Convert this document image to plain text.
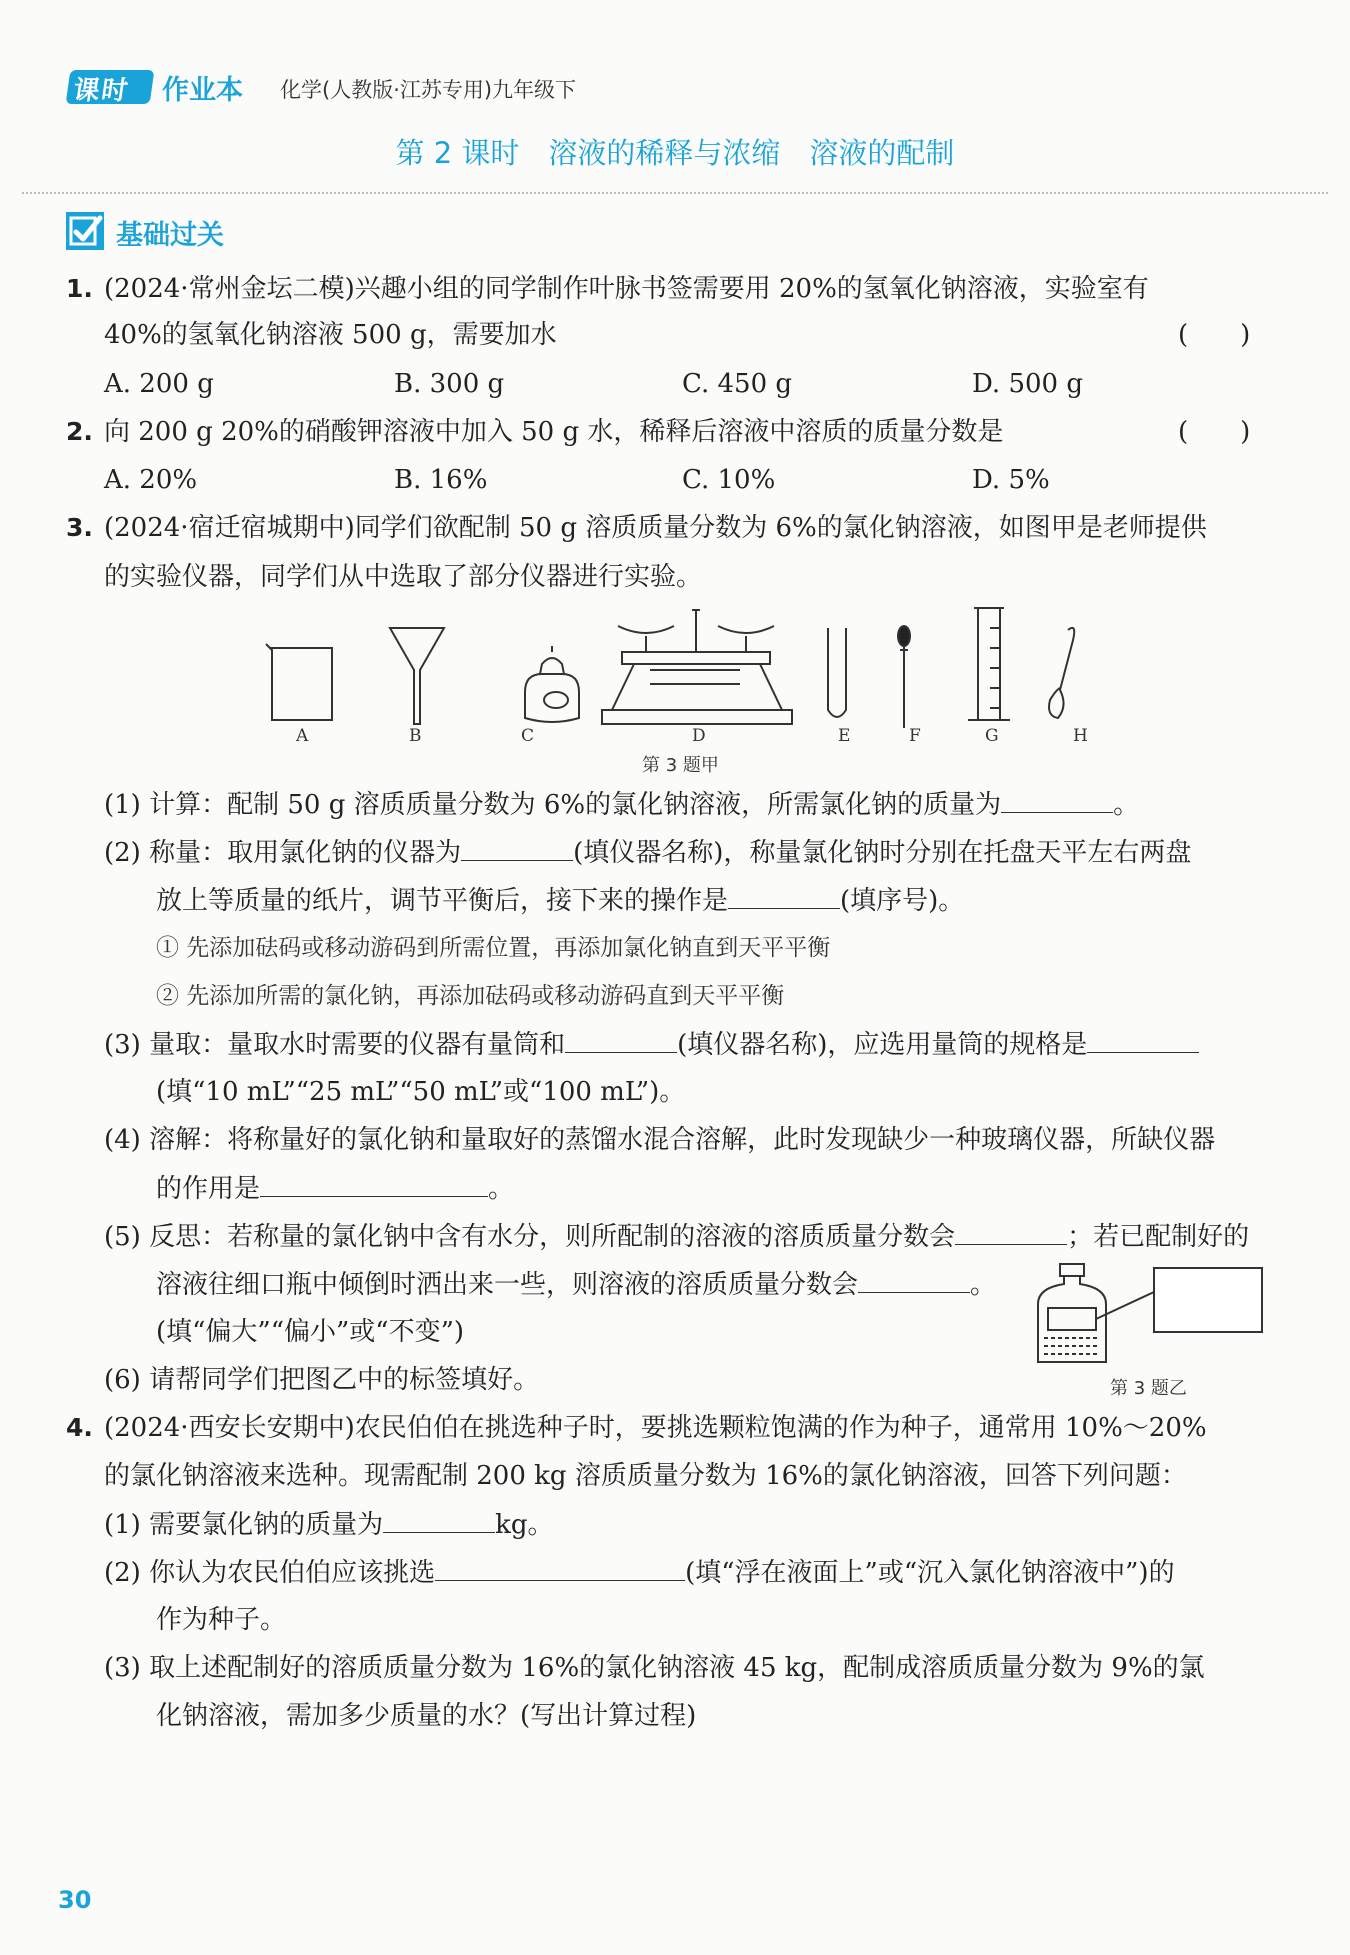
课时 作业本 化学(人教版·江苏专用)九年级下
第 2 课时　溶液的稀释与浓缩　溶液的配制
基础过关
1. (2024·常州金坛二模)兴趣小组的同学制作叶脉书签需要用 20%的氢氧化钠溶液，实验室有
40%的氢氧化钠溶液 500 g，需要加水	(　　)
A. 200 g	B. 300 g	C. 450 g	D. 500 g
2. 向 200 g 20%的硝酸钾溶液中加入 50 g 水，稀释后溶液中溶质的质量分数是	(　　)
A. 20%	B. 16%	C. 10%	D. 5%
3. (2024·宿迁宿城期中)同学们欲配制 50 g 溶质质量分数为 6%的氯化钠溶液，如图甲是老师提供
的实验仪器，同学们从中选取了部分仪器进行实验。
A	B	C	D	E	F	G	H
第 3 题甲
(1) 计算：配制 50 g 溶质质量分数为 6%的氯化钠溶液，所需氯化钠的质量为	。
(2) 称量：取用氯化钠的仪器为	(填仪器名称)，称量氯化钠时分别在托盘天平左右两盘
放上等质量的纸片，调节平衡后，接下来的操作是	(填序号)。
① 先添加砝码或移动游码到所需位置，再添加氯化钠直到天平平衡
② 先添加所需的氯化钠，再添加砝码或移动游码直到天平平衡
(3) 量取：量取水时需要的仪器有量筒和	(填仪器名称)，应选用量筒的规格是
(填“10 mL”“25 mL”“50 mL”或“100 mL”)。
(4) 溶解：将称量好的氯化钠和量取好的蒸馏水混合溶解，此时发现缺少一种玻璃仪器，所缺仪器
的作用是	。
(5) 反思：若称量的氯化钠中含有水分，则所配制的溶液的溶质质量分数会	；若已配制好的
溶液往细口瓶中倾倒时洒出来一些，则溶液的溶质质量分数会	。
(填“偏大”“偏小”或“不变”)
(6) 请帮同学们把图乙中的标签填好。	第 3 题乙
4. (2024·西安长安期中)农民伯伯在挑选种子时，要挑选颗粒饱满的作为种子，通常用 10%～20%
的氯化钠溶液来选种。现需配制 200 kg 溶质质量分数为 16%的氯化钠溶液，回答下列问题：
(1) 需要氯化钠的质量为	kg。
(2) 你认为农民伯伯应该挑选	(填“浮在液面上”或“沉入氯化钠溶液中”)的
作为种子。
(3) 取上述配制好的溶质质量分数为 16%的氯化钠溶液 45 kg，配制成溶质质量分数为 9%的氯
化钠溶液，需加多少质量的水？(写出计算过程)
30
